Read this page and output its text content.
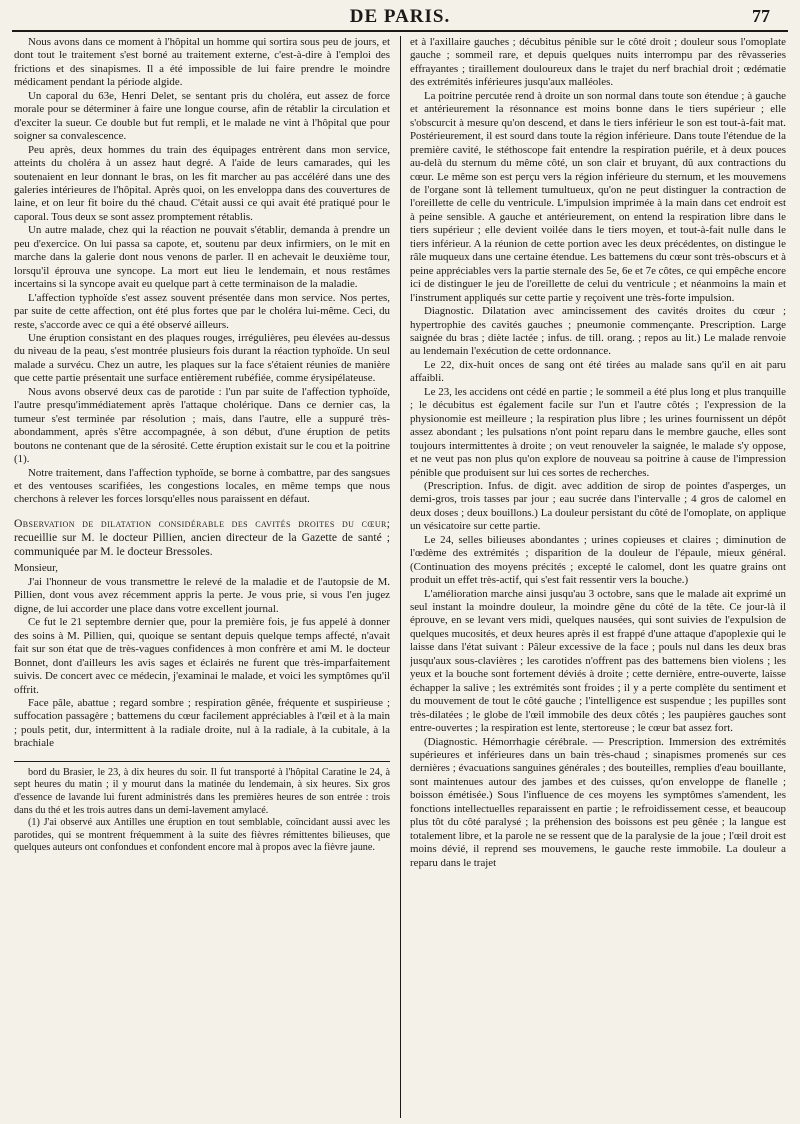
DE PARIS.	77

Nous avons dans ce moment à l'hôpital un homme qui sortira sous peu de jours, et dont tout le traitement s'est borné au traitement externe, c'est-à-dire à l'emploi des frictions et des sinapismes. Il a été impossible de lui faire prendre le moindre médicament pendant la période algide.

Un caporal du 63e, Henri Delet, se sentant pris du choléra, eut assez de force morale pour se déterminer à faire une longue course, afin de rétablir la circulation et d'exciter la sueur. Ce double but fut rempli, et le malade ne vint à l'hôpital que pour soigner sa convalescence.

Peu après, deux hommes du train des équipages entrèrent dans mon service, atteints du choléra à un assez haut degré. A l'aide de leurs camarades, qui les soutenaient en leur donnant le bras, on les fit marcher au pas accéléré dans une des galeries intérieures de l'hôpital. Après quoi, on les enveloppa dans des couvertures de laine, et on leur fit boire du thé chaud. C'était aussi ce qui avait été pratiqué pour le caporal. Tous deux se sont assez promptement rétablis.

Un autre malade, chez qui la réaction ne pouvait s'établir, demanda à prendre un peu d'exercice. On lui passa sa capote, et, soutenu par deux infirmiers, on le mit en marche dans la galerie dont nous venons de parler. Il en achevait le deuxième tour, lorsqu'il éprouva une syncope. La mort eut lieu le lendemain, et nous restâmes incertains si la syncope avait eu quelque part à cette terminaison de la maladie.

L'affection typhoïde s'est assez souvent présentée dans mon service. Nos pertes, par suite de cette affection, ont été plus fortes que par le choléra lui-même. Ceci, du reste, s'accorde avec ce qui a été observé ailleurs.

Une éruption consistant en des plaques rouges, irrégulières, peu élevées au-dessus du niveau de la peau, s'est montrée plusieurs fois durant la réaction typhoïde. Un seul malade a survécu. Chez un autre, les plaques sur la face s'étaient réunies de manière que cette partie présentait une surface entièrement rubéfiée, comme érysipélateuse.

Nous avons observé deux cas de parotide : l'un par suite de l'affection typhoïde, l'autre presqu'immédiatement après l'attaque cholérique. Dans ce dernier cas, la tumeur s'est terminée par résolution ; mais, dans l'autre, elle a suppuré très-abondamment, après s'être accompagnée, à son début, d'une éruption de petits boutons ne contenant que de la sérosité. Cette éruption existait sur le cou et la poitrine (1).

Notre traitement, dans l'affection typhoïde, se borne à combattre, par des sangsues et des ventouses scarifiées, les congestions locales, en même temps que nous cherchons à relever les forces lorsqu'elles nous paraissent en défaut.

Observation de dilatation considérable des cavités droites du cœur; recueillie sur M. le docteur Pillien, ancien directeur de la Gazette de santé ; communiquée par M. le docteur Bressoles.

Monsieur,

J'ai l'honneur de vous transmettre le relevé de la maladie et de l'autopsie de M. Pillien, dont vous avez récemment appris la perte. Je vous prie, si vous l'en jugez digne, de lui accorder une place dans votre excellent journal.

Ce fut le 21 septembre dernier que, pour la première fois, je fus appelé à donner des soins à M. Pillien, qui, quoique se sentant depuis quelque temps affecté, n'avait fait sur son état que de très-vagues confidences à mon confrère et ami M. le docteur Bonnet, dont d'ailleurs les avis sages et éclairés ne furent que très-imparfaitement suivis. De concert avec ce médecin, j'examinai le malade, et voici les symptômes qu'il offrit.

Face pâle, abattue ; regard sombre ; respiration gênée, fréquente et suspirieuse ; suffocation passagère ; battemens du cœur facilement appréciables à l'œil et à la main ; pouls petit, dur, intermittent à la radiale droite, nul à la radiale, à la cubitale, à la brachiale

bord du Brasier, le 23, à dix heures du soir. Il fut transporté à l'hôpital Caratine le 24, à sept heures du matin ; il y mourut dans la matinée du lendemain, à six heures. Six gros d'essence de lavande lui furent administrés dans les premières heures de son entrée : trois dans du thé et les trois autres dans un demi-lavement amylacé.

(1) J'ai observé aux Antilles une éruption en tout semblable, coïncidant aussi avec les parotides, qui se montrent fréquemment à la suite des fièvres rémittentes bilieuses, que quelques auteurs ont confondues et confondent encore mal à propos avec la fièvre jaune.

et à l'axillaire gauches ; décubitus pénible sur le côté droit ; douleur sous l'omoplate gauche ; sommeil rare, et depuis quelques nuits interrompu par des rêvasseries effrayantes ; tiraillement douloureux dans le trajet du nerf brachial droit ; œdématie des extrémités inférieures jusqu'aux malléoles.

La poitrine percutée rend à droite un son normal dans toute son étendue ; à gauche et antérieurement la résonnance est moins bonne dans le tiers supérieur ; elle s'obscurcit à mesure qu'on descend, et dans le tiers inférieur le son est tout-à-fait mat. Postérieurement, il est sourd dans toute la région inférieure. Dans toute l'étendue de la première cavité, le stéthoscope fait entendre la respiration puérile, et à deux pouces au-delà du sternum du même côté, un son clair et bruyant, dû aux contractions du cœur. Le même son est perçu vers la région inférieure du sternum, et les mouvemens de l'organe sont là tellement tumultueux, qu'on ne peut distinguer la contraction de l'oreillette de celle du ventricule. L'impulsion imprimée à la main dans cet endroit est à peine sensible. A gauche et antérieurement, on entend la respiration libre dans le tiers supérieur ; elle devient voilée dans le tiers moyen, et tout-à-fait nulle dans le tiers inférieur. A la réunion de cette portion avec les deux précédentes, on distingue le râle muqueux dans une certaine étendue. Les battemens du cœur sont très-obscurs et à peine appréciables vers la partie sternale des 5e, 6e et 7e côtes, ce qui empêche encore ici de distinguer le jeu de l'oreillette de celui du ventricule ; et néanmoins la main et l'instrument appliqués sur cette partie y reçoivent une très-forte impulsion.

Diagnostic. Dilatation avec amincissement des cavités droites du cœur ; hypertrophie des cavités gauches ; pneumonie commençante. Prescription. Large saignée du bras ; diète lactée ; infus. de till. orang. ; repos au lit.) Le malade renvoie au lendemain l'exécution de cette ordonnance.

Le 22, dix-huit onces de sang ont été tirées au malade sans qu'il en ait paru affaibli.

Le 23, les accidens ont cédé en partie ; le sommeil a été plus long et plus tranquille ; le décubitus est également facile sur l'un et l'autre côtés ; l'expression de la physionomie est meilleure ; la respiration plus libre ; les urines fournissent un dépôt assez abondant ; les pulsations n'ont point reparu dans le membre gauche, elles sont toujours intermittentes à droite ; on veut renouveler la saignée, le malade s'y oppose, et ne veut pas non plus qu'on explore de nouveau sa poitrine à cause de l'impression pénible que produisent sur lui ces sortes de recherches.

(Prescription. Infus. de digit. avec addition de sirop de pointes d'asperges, un demi-gros, trois tasses par jour ; eau sucrée dans l'intervalle ; 4 gros de calomel en deux doses ; deux bouillons.) La douleur persistant du côté de l'omoplate, on applique un vésicatoire sur cette partie.

Le 24, selles bilieuses abondantes ; urines copieuses et claires ; diminution de l'œdème des extrémités ; disparition de la douleur de l'épaule, mieux général. (Continuation des moyens précités ; excepté le calomel, dont les quatre grains ont produit un effet très-actif, qui s'est fait ressentir vers la bouche.)

L'amélioration marche ainsi jusqu'au 3 octobre, sans que le malade ait exprimé un seul instant la moindre douleur, la moindre gêne du côté de la tête. Ce jour-là il éprouve, en se levant vers midi, quelques nausées, qui sont suivies de l'expulsion de quelques mucosités, et deux heures après il est frappé d'une attaque d'apoplexie qui le laisse dans l'état suivant : Pâleur excessive de la face ; pouls nul dans les deux bras jusqu'aux sous-clavières ; les carotides n'offrent pas des battemens bien violens ; les yeux et la bouche sont fortement déviés à droite ; cette dernière, entre-ouverte, laisse échapper la salive ; les extrémités sont froides ; il y a perte complète du sentiment et du mouvement de tout le côté gauche ; l'intelligence est suspendue ; les pupilles sont très-dilatées ; le globe de l'œil immobile des deux côtés ; les paupières gauches sont entre-ouvertes ; la respiration est lente, stertoreuse ; le cœur bat assez fort.

(Diagnostic. Hémorrhagie cérébrale. — Prescription. Immersion des extrémités supérieures et inférieures dans un bain très-chaud ; sinapismes promenés sur ces dernières ; évacuations sanguines générales ; des bouteilles, remplies d'eau bouillante, sont maintenues autour des jambes et des cuisses, qu'on enveloppe de flanelle ; boisson émétisée.) Sous l'influence de ces moyens les symptômes s'amendent, les fonctions intellectuelles reparaissent en partie ; le refroidissement cesse, et beaucoup plus tôt du côté paralysé ; la préhension des boissons est peu gênée ; la langue est totalement libre, et la parole ne se ressent que de la paralysie de la joue ; l'œil droit est moins dévié, il reprend ses mouvemens, le gauche reste immobile. La douleur a reparu dans le trajet
